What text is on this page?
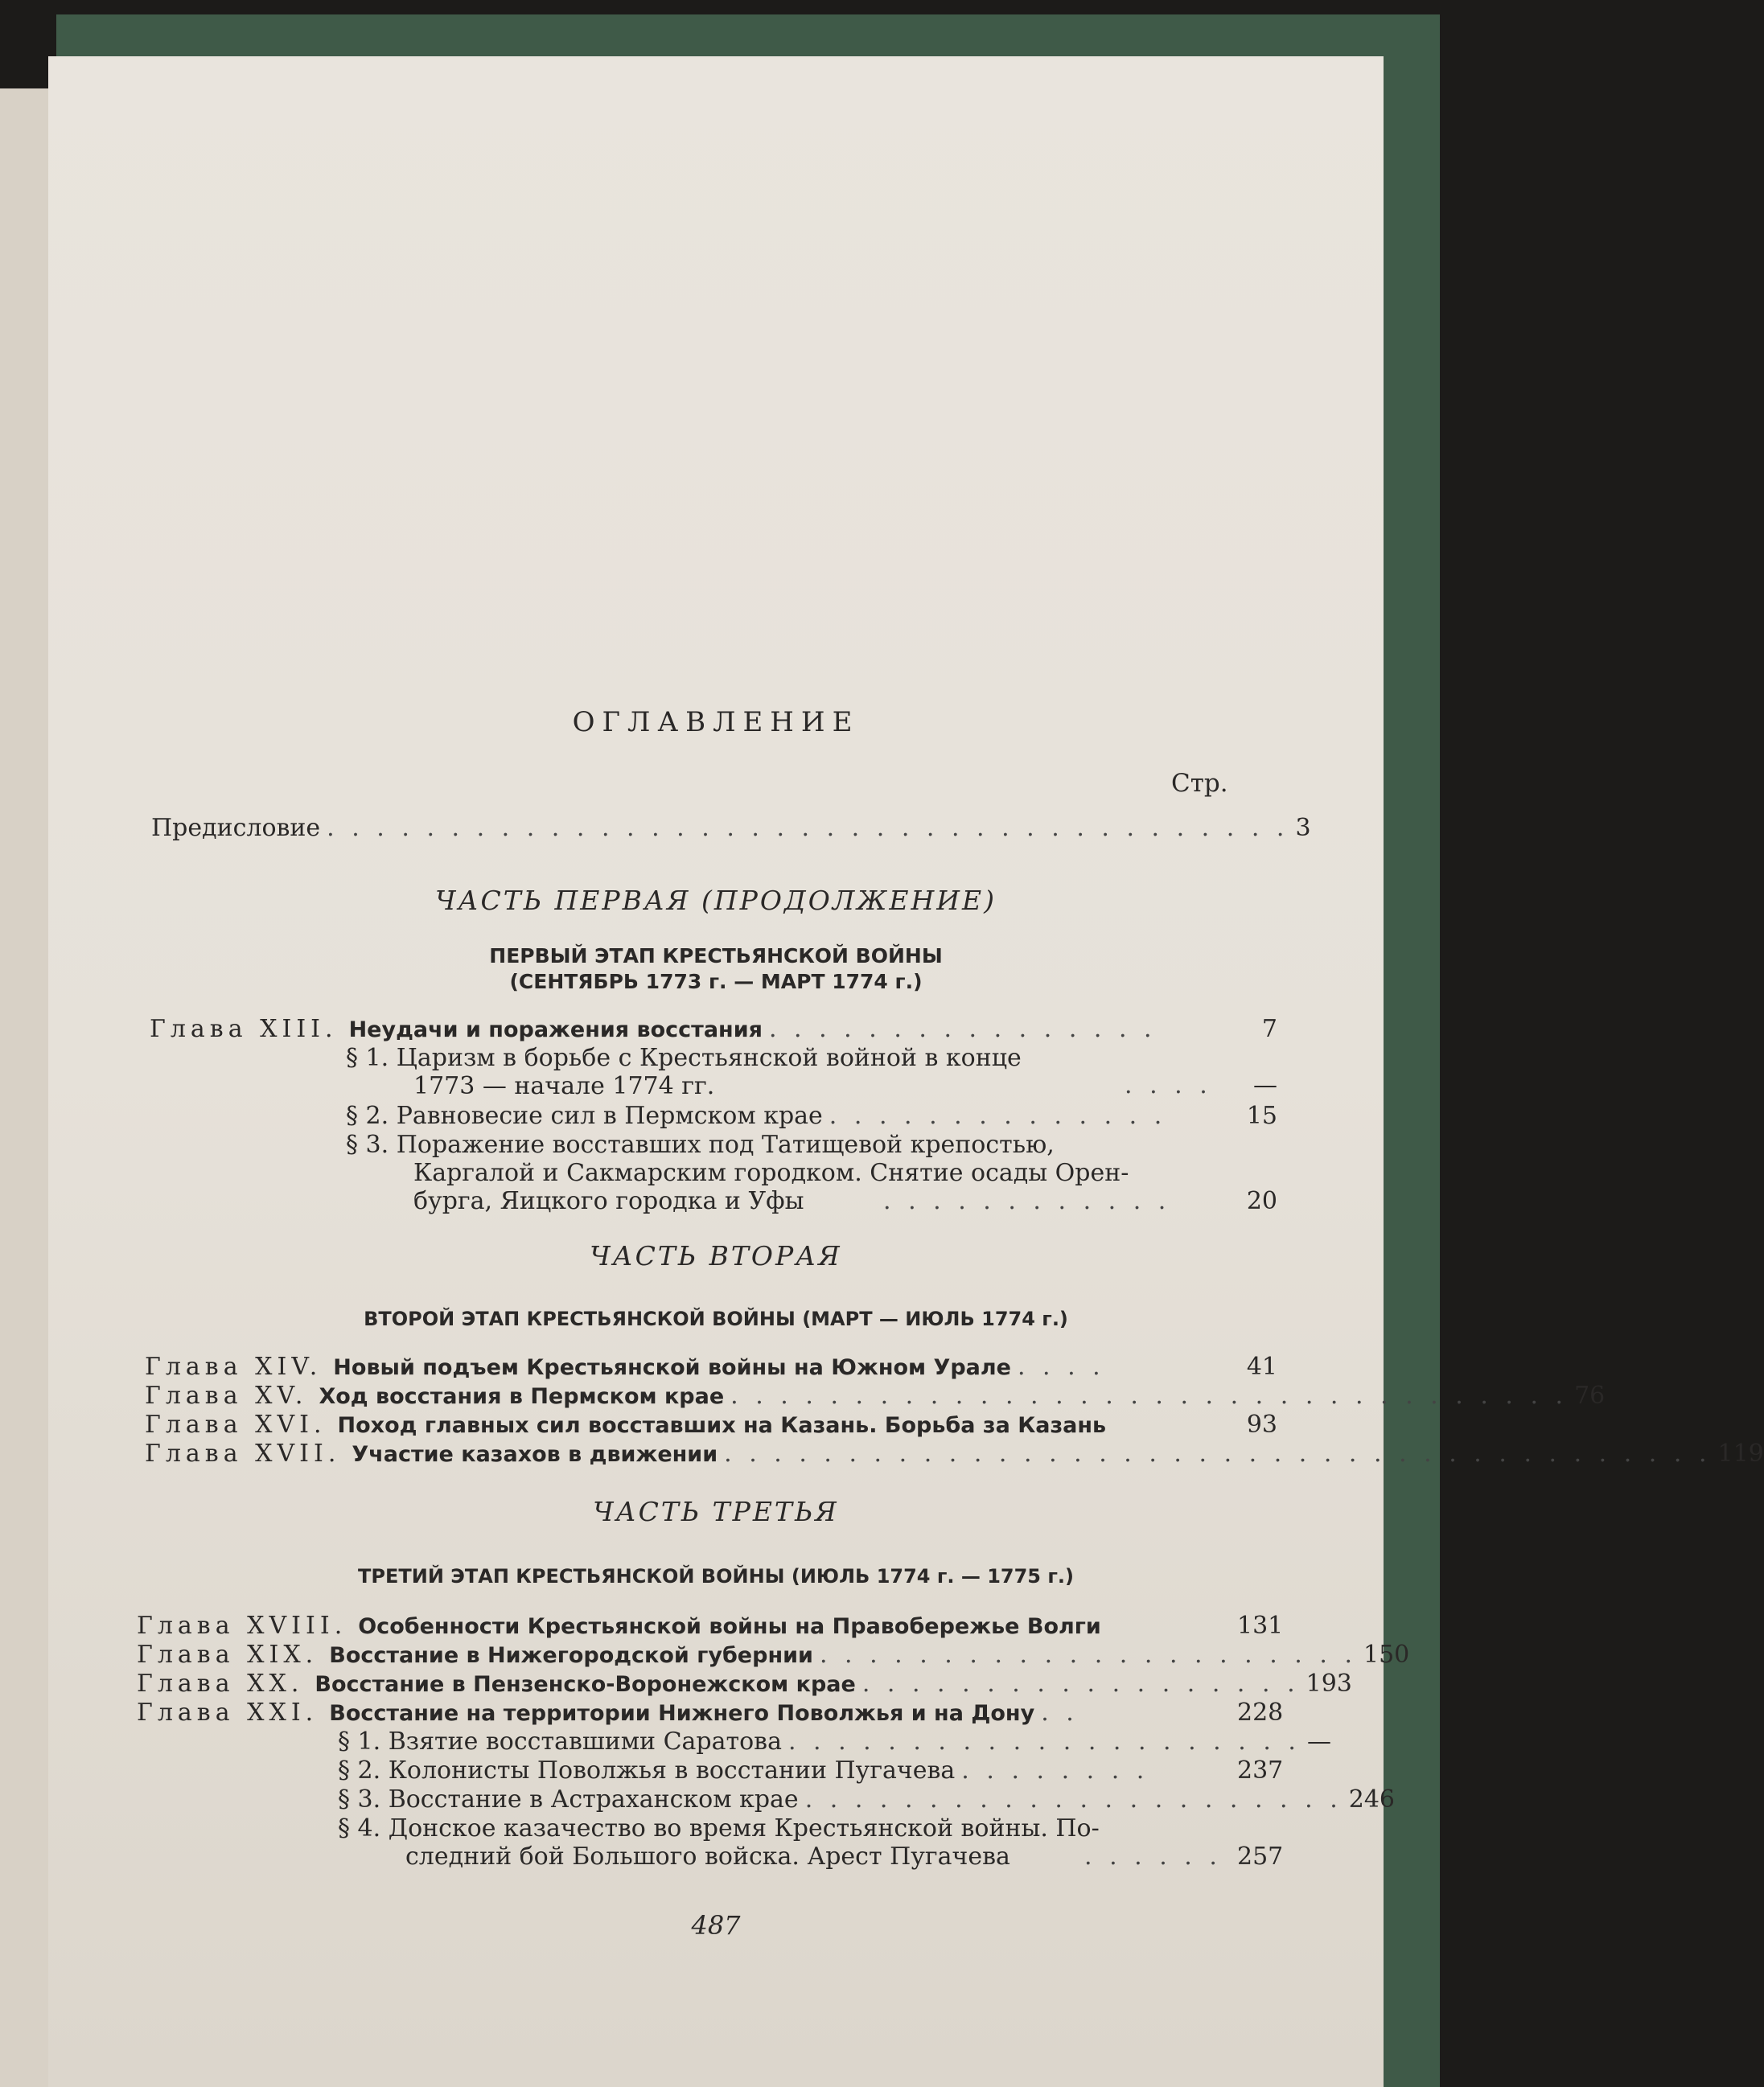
ОГЛАВЛЕНИЕ
Стр.
Предисловие . . . . . . . . . . . . . . . . . . . . . . . . . . . . . . . . . . . . . . . 3
ЧАСТЬ ПЕРВАЯ (ПРОДОЛЖЕНИЕ)
ПЕРВЫЙ ЭТАП КРЕСТЬЯНСКОЙ ВОЙНЫ
(СЕНТЯБРЬ 1773 г. — МАРТ 1774 г.)
Глава XIII. Неудачи и поражения восстания . . . . . . . . . . . . . . . .	7
§ 1. Царизм в борьбе с Крестьянской войной в конце
1773 — начале 1774 гг.	. . . .	—
§ 2. Равновесие сил в Пермском крае . . . . . . . . . . . . . .	15
§ 3. Поражение восставших под Татищевой крепостью,
Каргалой и Сакмарским городком. Снятие осады Орен-
бурга, Яицкого городка и Уфы	. . . . . . . . . . . .	20
ЧАСТЬ ВТОРАЯ
ВТОРОЙ ЭТАП КРЕСТЬЯНСКОЙ ВОЙНЫ (МАРТ — ИЮЛЬ 1774 г.)
Глава XIV. Новый подъем Крестьянской войны на Южном Урале . . . .	41
Глава XV. Ход восстания в Пермском крае . . . . . . . . . . . . . . . . . . . . . . . . . . . . . . . . . . 76
Глава XVI. Поход главных сил восставших на Казань. Борьба за Казань	93
Глава XVII. Участие казахов в движении . . . . . . . . . . . . . . . . . . . . . . . . . . . . . . . . . . . . . . . . 119
ЧАСТЬ ТРЕТЬЯ
ТРЕТИЙ ЭТАП КРЕСТЬЯНСКОЙ ВОЙНЫ (ИЮЛЬ 1774 г. — 1775 г.)
Глава XVIII. Особенности Крестьянской войны на Правобережье Волги	131
Глава XIX. Восстание в Нижегородской губернии . . . . . . . . . . . . . . . . . . . . . . 150
Глава XX. Восстание в Пензенско-Воронежском крае . . . . . . . . . . . . . . . . . . 193
Глава XXI. Восстание на территории Нижнего Поволжья и на Дону . .	228
§ 1. Взятие восставшими Саратова . . . . . . . . . . . . . . . . . . . . . —
§ 2. Колонисты Поволжья в восстании Пугачева . . . . . . . .	237
§ 3. Восстание в Астраханском крае . . . . . . . . . . . . . . . . . . . . . . 246
§ 4. Донское казачество во время Крестьянской войны. По-
следний бой Большого войска. Арест Пугачева	. . . . . . 257
487
